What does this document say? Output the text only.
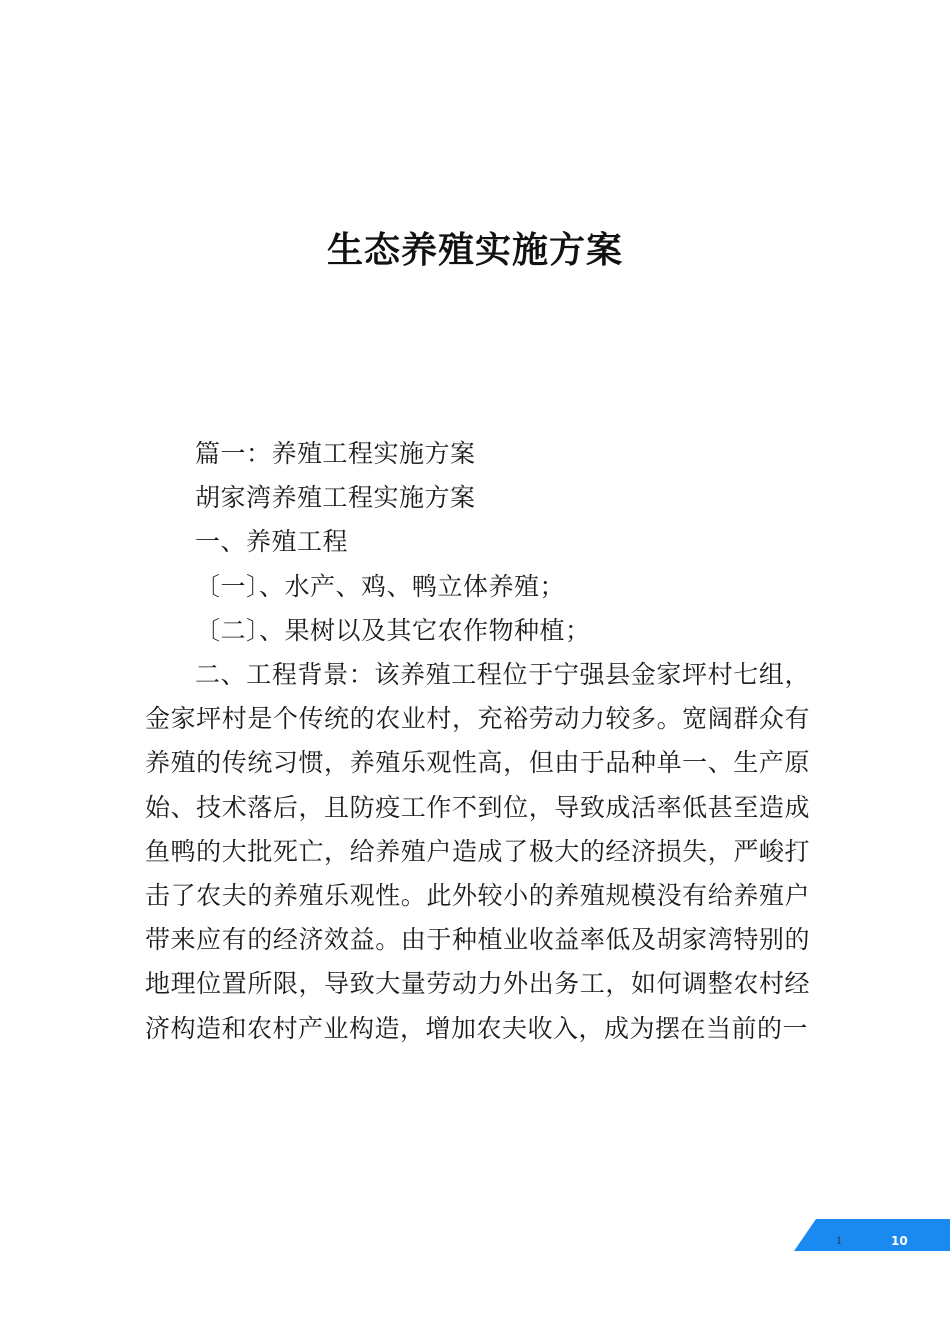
生态养殖实施方案

篇一：养殖工程实施方案

胡家湾养殖工程实施方案

一、养殖工程

〔一〕、水产、鸡、鸭立体养殖；

〔二〕、果树以及其它农作物种植；

二、工程背景：该养殖工程位于宁强县金家坪村七组，金家坪村是个传统的农业村，充裕劳动力较多。宽阔群众有养殖的传统习惯，养殖乐观性高，但由于品种单一、生产原始、技术落后，且防疫工作不到位，导致成活率低甚至造成鱼鸭的大批死亡，给养殖户造成了极大的经济损失，严峻打击了农夫的养殖乐观性。此外较小的养殖规模没有给养殖户带来应有的经济效益。由于种植业收益率低及胡家湾特别的地理位置所限，导致大量劳动力外出务工，如何调整农村经济构造和农村产业构造，增加农夫收入，成为摆在当前的一

1	10
